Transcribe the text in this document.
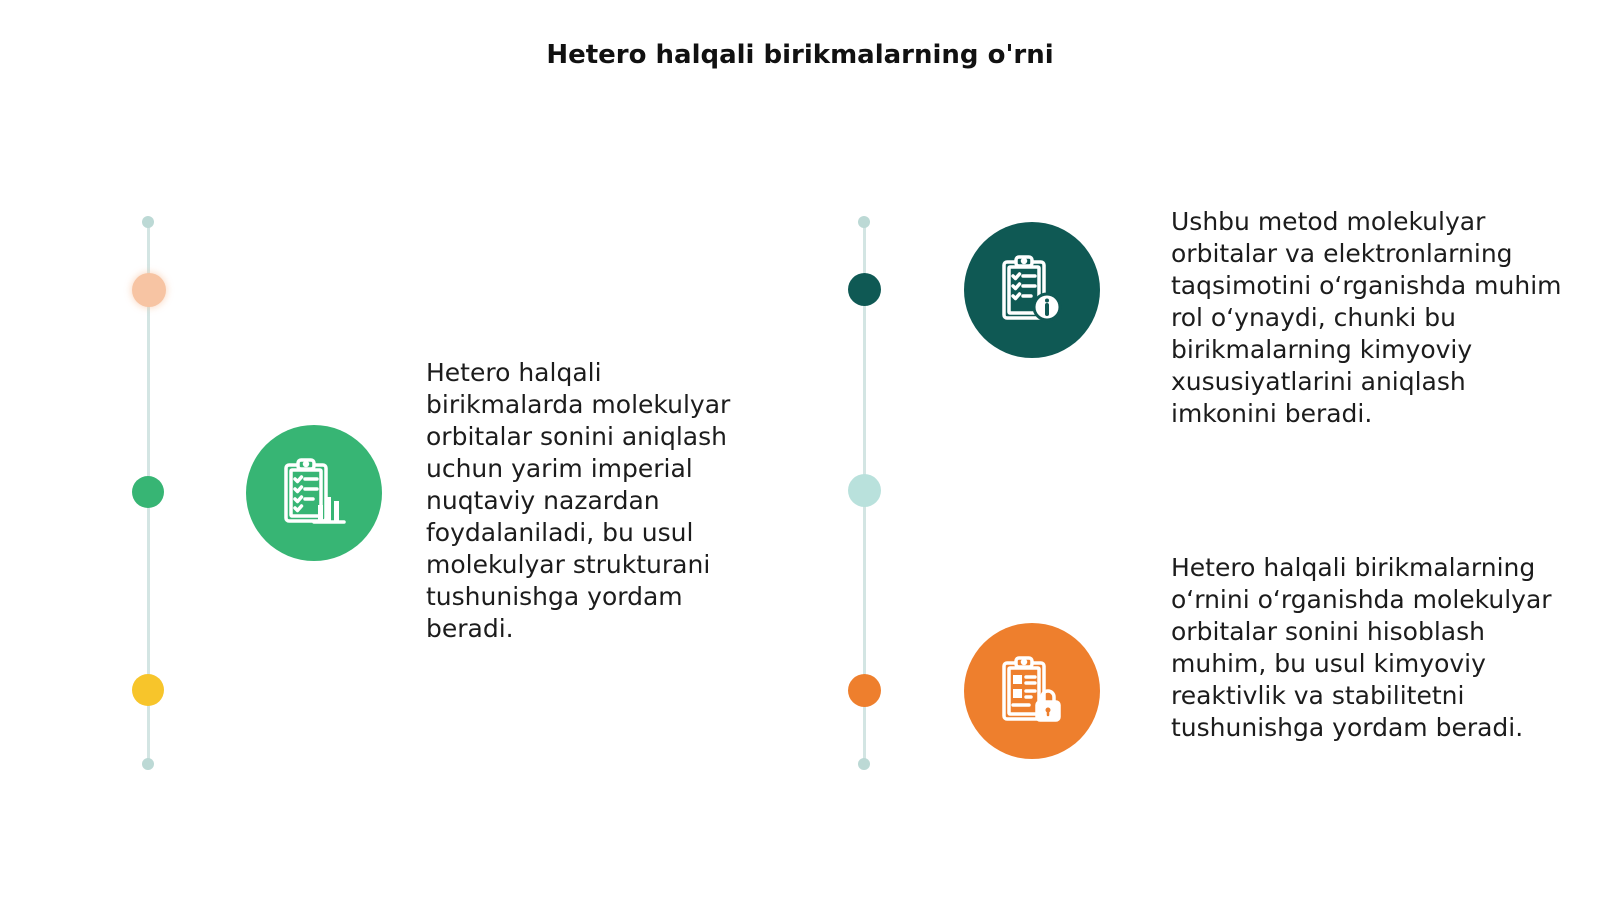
Hetero halqali birikmalarning o'rni
Hetero halqali birikmalarda molekulyar orbitalar sonini aniqlash uchun yarim imperial nuqtaviy nazardan foydalaniladi, bu usul molekulyar strukturani tushunishga yordam beradi.
Ushbu metod molekulyar orbitalar va elektronlarning taqsimotini o‘rganishda muhim rol o‘ynaydi, chunki bu birikmalarning kimyoviy xususiyatlarini aniqlash imkonini beradi.
Hetero halqali birikmalarning o‘rnini o‘rganishda molekulyar orbitalar sonini hisoblash muhim, bu usul kimyoviy reaktivlik va stabilitetni tushunishga yordam beradi.
